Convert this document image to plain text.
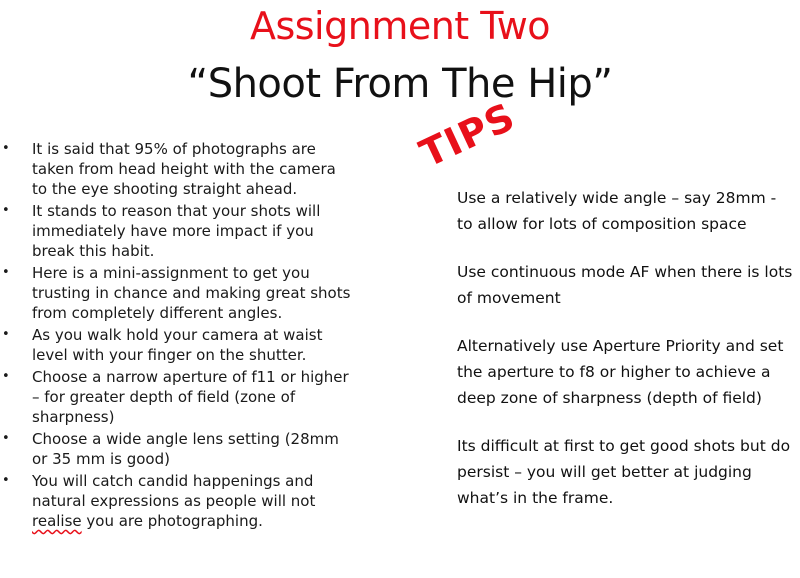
Assignment Two
“Shoot From The Hip”
• It is said that 95% of photographs are taken from head height with the camera to the eye shooting straight ahead.
• It stands to reason that your shots will immediately have more impact if you break this habit.
• Here is a mini-assignment to get you trusting in chance and making great shots from completely different angles.
• As you walk hold your camera at waist level with your finger on the shutter.
• Choose a narrow aperture of f11 or higher – for greater depth of field (zone of sharpness)
• Choose a wide angle lens setting (28mm or 35 mm is good)
• You will catch candid happenings and natural expressions as people will not realise you are photographing.
TIPS

Use a relatively wide angle – say 28mm - to allow for lots of composition space

Use continuous mode AF when there is lots of movement

Alternatively use Aperture Priority and set the aperture to f8 or higher to achieve a deep zone of sharpness (depth of field)

Its difficult at first to get good shots but do persist – you will get better at judging what’s in the frame.
